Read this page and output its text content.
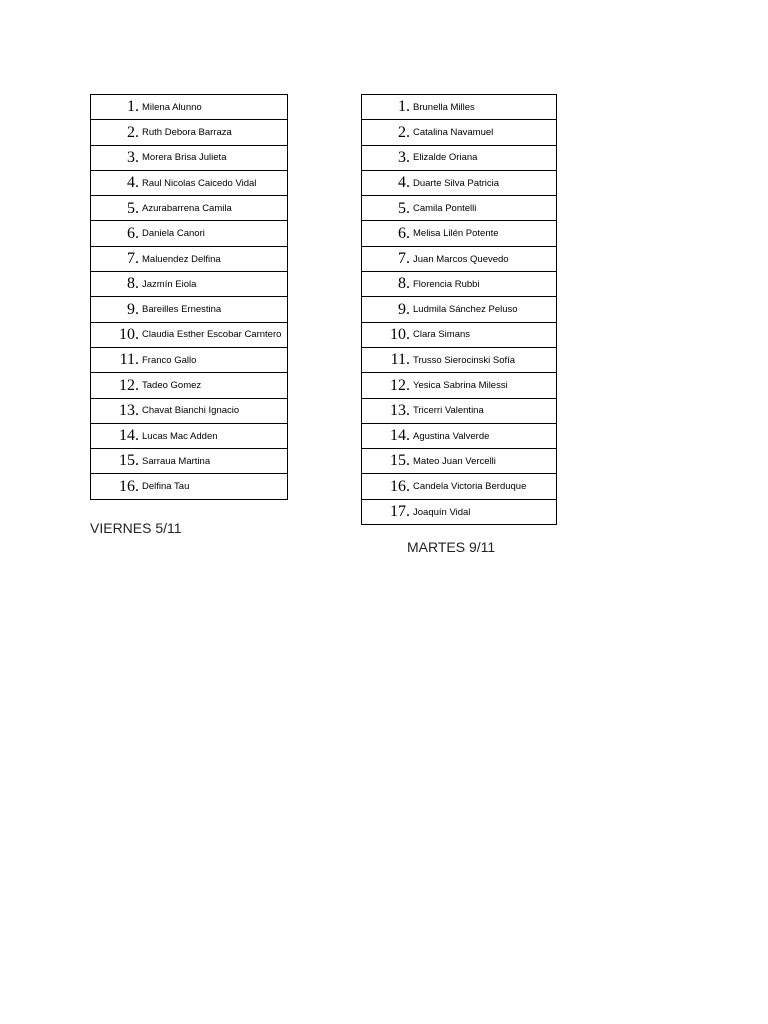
1. Milena Alunno
2. Ruth Debora Barraza
3. Morera Brisa Julieta
4. Raul Nicolas Caicedo Vidal
5. Azurabarrena Camila
6. Daniela Canori
7. Maluendez Delfina
8. Jazmín Eiola
9. Bareilles Ernestina
10. Claudia Esther Escobar Carntero
11. Franco Gallo
12. Tadeo Gomez
13. Chavat Bianchi Ignacio
14. Lucas Mac Adden
15. Sarraua Martina
16. Delfina Tau

VIERNES 5/11

1. Brunella Milles
2. Catalina Navamuel
3. Elizalde Oriana
4. Duarte Silva Patricia
5. Camila Pontelli
6. Melisa Lilén Potente
7. Juan Marcos Quevedo
8. Florencia Rubbi
9. Ludmila Sánchez Peluso
10. Clara Simans
11. Trusso Sierocinski Sofía
12. Yesica Sabrina Milessi
13. Tricerri Valentina
14. Agustina Valverde
15. Mateo Juan Vercelli
16. Candela Victoria Berduque
17. Joaquín Vidal

MARTES 9/11
